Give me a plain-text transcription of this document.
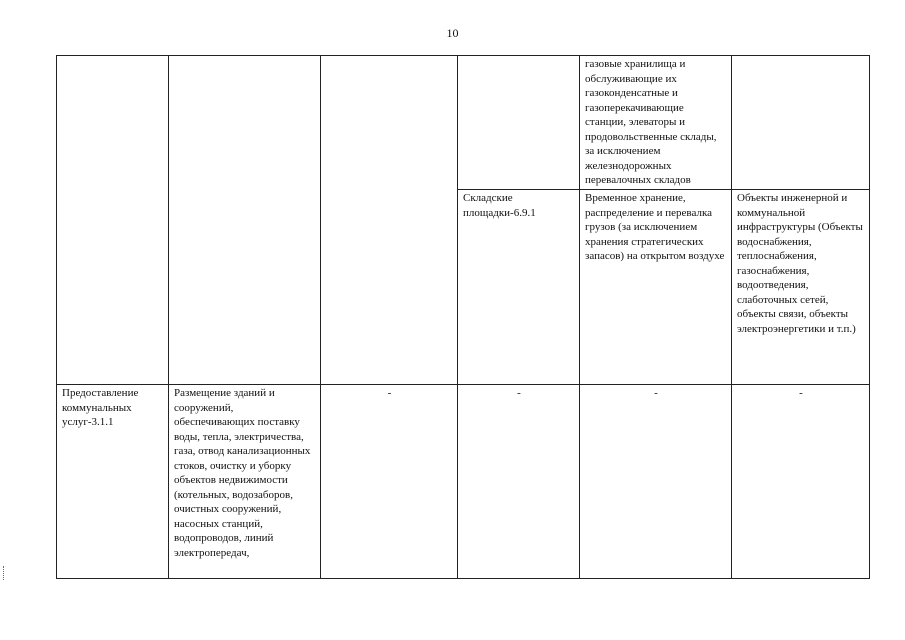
10
				газовые хранилища и обслуживающие их газоконденсатные и газоперекачивающие станции, элеваторы и продовольственные склады, за исключением железнодорожных перевалочных складов	
			Складские площадки-6.9.1	Временное хранение, распределение и перевалка грузов (за исключением хранения стратегических запасов) на открытом воздухе	Объекты инженерной и коммунальной инфраструктуры (Объекты водоснабжения, теплоснабжения, газоснабжения, водоотведения, слаботочных сетей, объекты связи, объекты электроэнергетики и т.п.)
Предоставление коммунальных услуг-3.1.1	Размещение зданий и сооружений, обеспечивающих поставку воды, тепла, электричества, газа, отвод канализационных стоков, очистку и уборку объектов недвижимости (котельных, водозаборов, очистных сооружений, насосных станций, водопроводов, линий электропередач,	-	-	-	-
